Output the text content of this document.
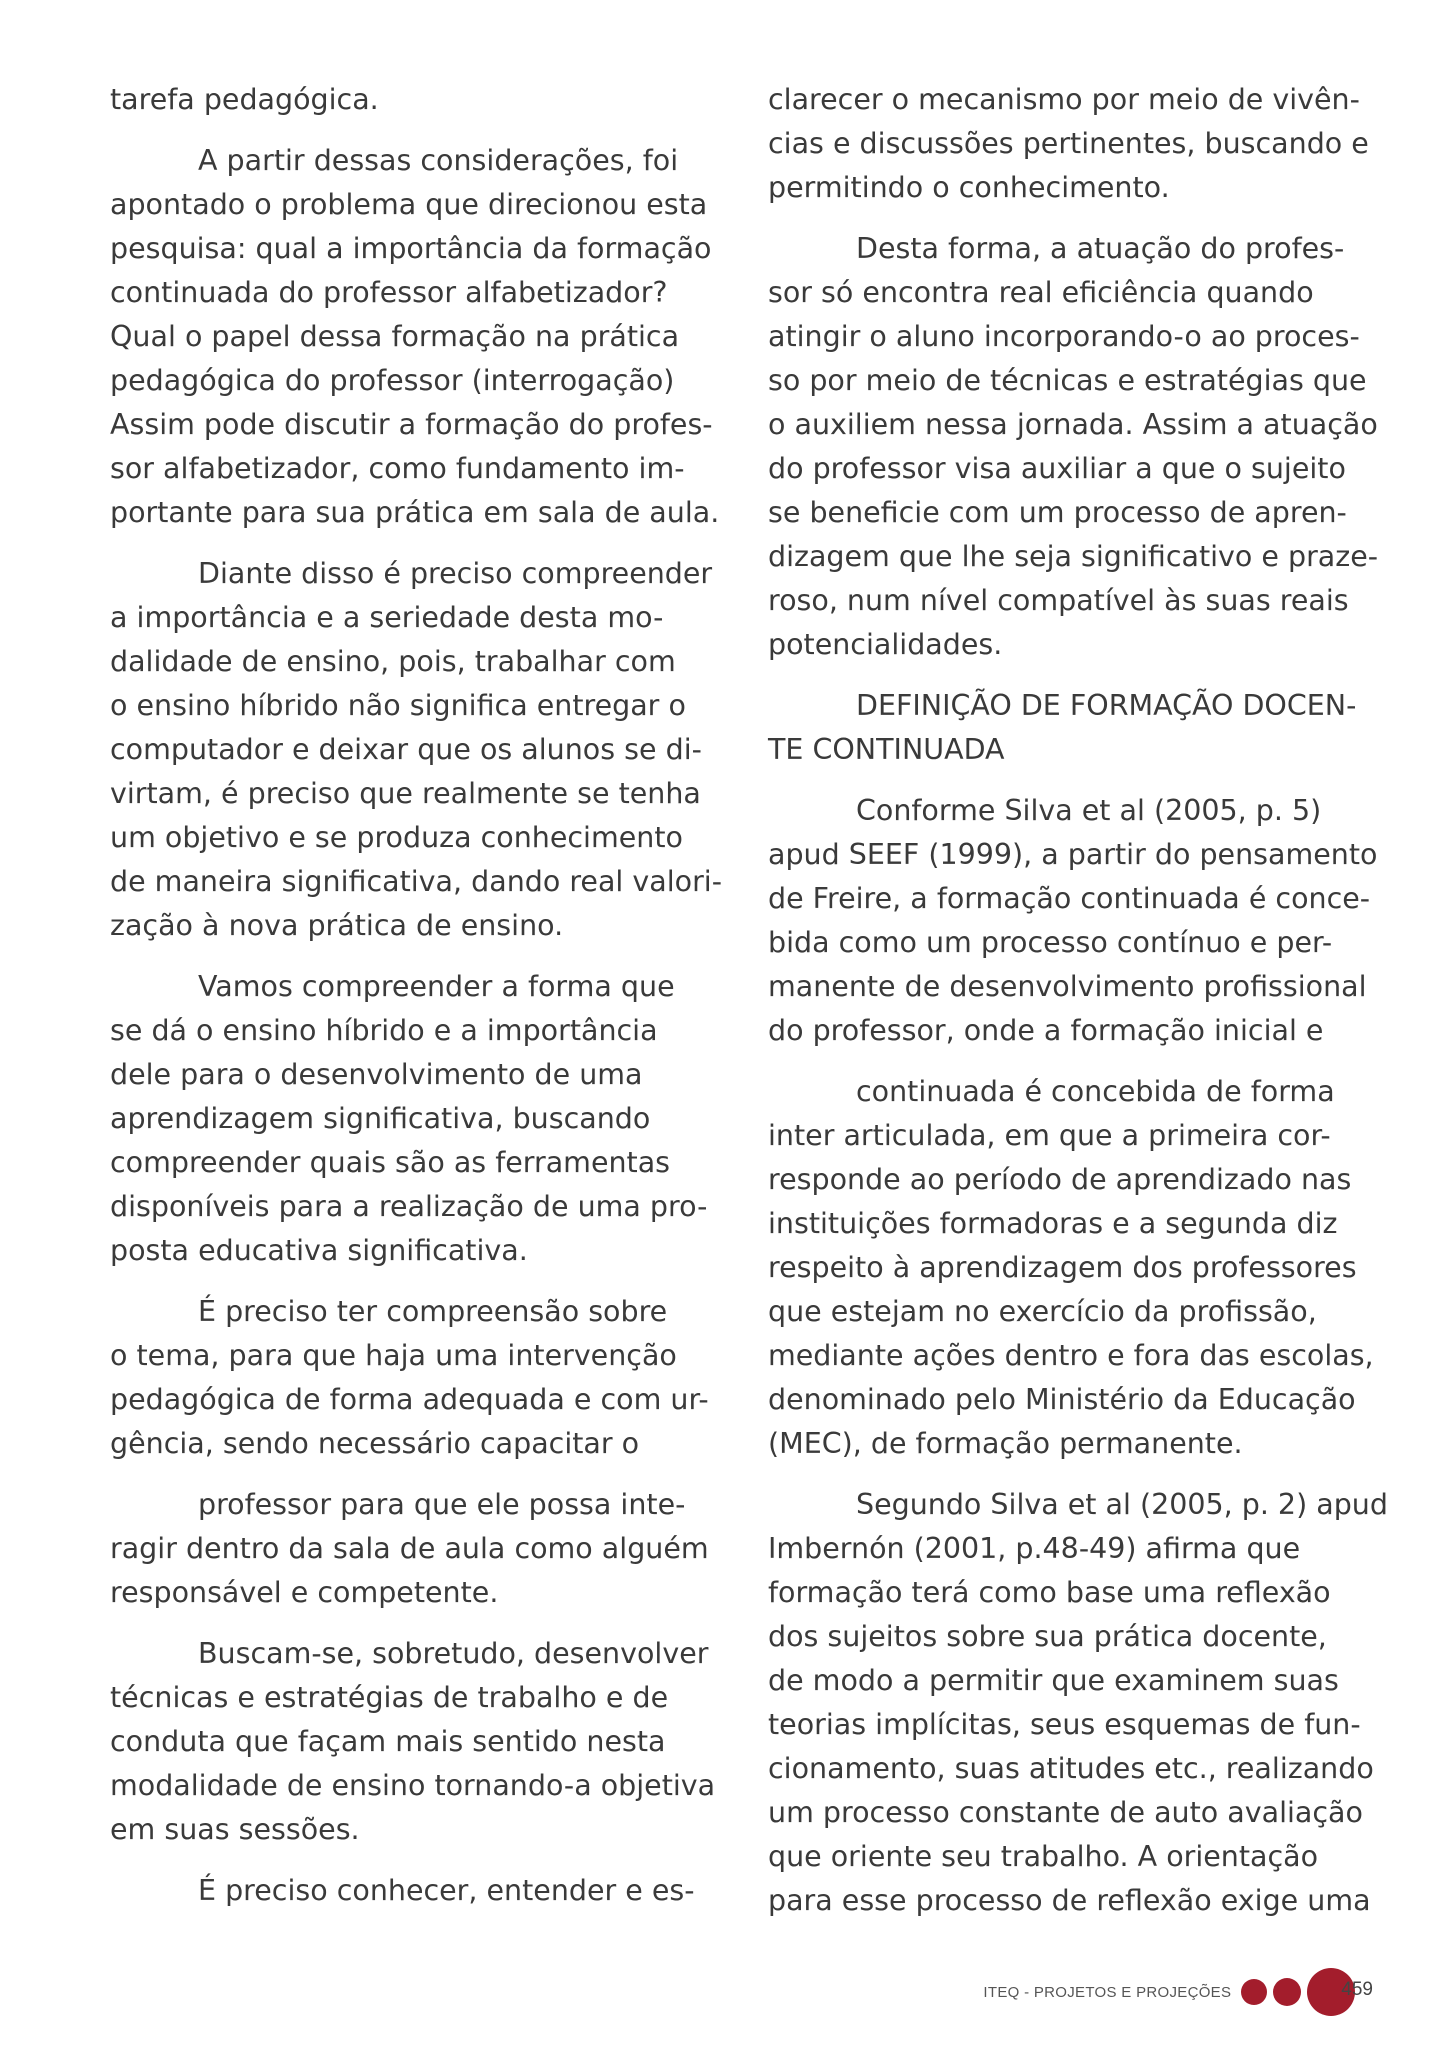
tarefa pedagógica.
A partir dessas considerações, foi
apontado o problema que direcionou esta
pesquisa: qual a importância da formação
continuada do professor alfabetizador?
Qual o papel dessa formação na prática
pedagógica do professor (interrogação)
Assim pode discutir a formação do profes-
sor alfabetizador, como fundamento im-
portante para sua prática em sala de aula.
Diante disso é preciso compreender
a importância e a seriedade desta mo-
dalidade de ensino, pois, trabalhar com
o ensino híbrido não significa entregar o
computador e deixar que os alunos se di-
virtam, é preciso que realmente se tenha
um objetivo e se produza conhecimento
de maneira significativa, dando real valori-
zação à nova prática de ensino.
Vamos compreender a forma que
se dá o ensino híbrido e a importância
dele para o desenvolvimento de uma
aprendizagem significativa, buscando
compreender quais são as ferramentas
disponíveis para a realização de uma pro-
posta educativa significativa.
É preciso ter compreensão sobre
o tema, para que haja uma intervenção
pedagógica de forma adequada e com ur-
gência, sendo necessário capacitar o
professor para que ele possa inte-
ragir dentro da sala de aula como alguém
responsável e competente.
Buscam-se, sobretudo, desenvolver
técnicas e estratégias de trabalho e de
conduta que façam mais sentido nesta
modalidade de ensino tornando-a objetiva
em suas sessões.
É preciso conhecer, entender e es-
clarecer o mecanismo por meio de vivên-
cias e discussões pertinentes, buscando e
permitindo o conhecimento.
Desta forma, a atuação do profes-
sor só encontra real eficiência quando
atingir o aluno incorporando-o ao proces-
so por meio de técnicas e estratégias que
o auxiliem nessa jornada. Assim a atuação
do professor visa auxiliar a que o sujeito
se beneficie com um processo de apren-
dizagem que lhe seja significativo e praze-
roso, num nível compatível às suas reais
potencialidades.
DEFINIÇÃO DE FORMAÇÃO DOCEN-
TE CONTINUADA
Conforme Silva et al (2005, p. 5)
apud SEEF (1999), a partir do pensamento
de Freire, a formação continuada é conce-
bida como um processo contínuo e per-
manente de desenvolvimento profissional
do professor, onde a formação inicial e
continuada é concebida de forma
inter articulada, em que a primeira cor-
responde ao período de aprendizado nas
instituições formadoras e a segunda diz
respeito à aprendizagem dos professores
que estejam no exercício da profissão,
mediante ações dentro e fora das escolas,
denominado pelo Ministério da Educação
(MEC), de formação permanente.
Segundo Silva et al (2005, p. 2) apud
Imbernón (2001, p.48-49) afirma que
formação terá como base uma reflexão
dos sujeitos sobre sua prática docente,
de modo a permitir que examinem suas
teorias implícitas, seus esquemas de fun-
cionamento, suas atitudes etc., realizando
um processo constante de auto avaliação
que oriente seu trabalho. A orientação
para esse processo de reflexão exige uma
ITEQ - PROJETOS E PROJEÇÕES	459
